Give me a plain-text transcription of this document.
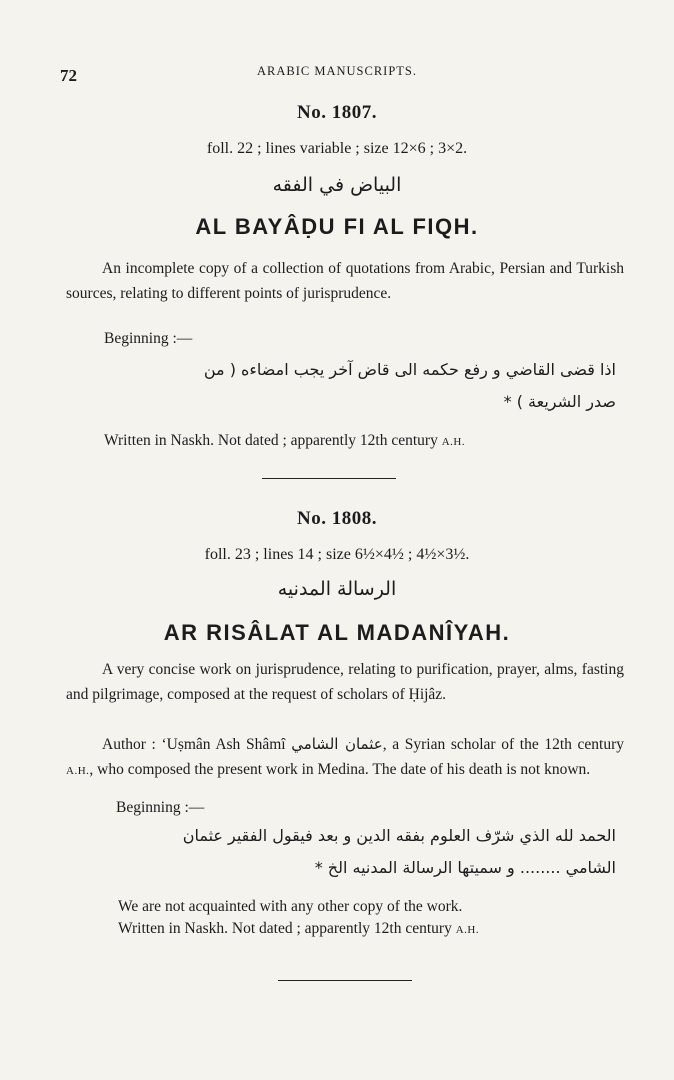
72	ARABIC MANUSCRIPTS.
No. 1807.
foll. 22 ; lines variable ; size 12×6 ; 3×2.
البياض في الفقه
AL BAYÂḌU FI AL FIQH.
An incomplete copy of a collection of quotations from Arabic, Persian and Turkish sources, relating to different points of jurisprudence.
Beginning :—
اذا قضى القاضي و رفع حكمه الى قاض آخر يجب امضاءه ( من
صدر الشريعة ) *
Written in Naskh. Not dated ; apparently 12th century A.H.
No. 1808.
foll. 23 ; lines 14 ; size 6½×4½ ; 4½×3½.
الرسالة المدنيه
AR RISÂLAT AL MADANÎYAH.
A very concise work on jurisprudence, relating to purification, prayer, alms, fasting and pilgrimage, composed at the request of scholars of Ḥijâz.
Author : ‘Uṣmân Ash Shâmî عثمان الشامي, a Syrian scholar of the 12th century A.H., who composed the present work in Medina. The date of his death is not known.
Beginning :—
الحمد لله الذي شرّف العلوم بفقه الدين و بعد فيقول الفقير عثمان
الشامي ........ و سميتها الرسالة المدنيه الخ *
We are not acquainted with any other copy of the work.
Written in Naskh. Not dated ; apparently 12th century A.H.
